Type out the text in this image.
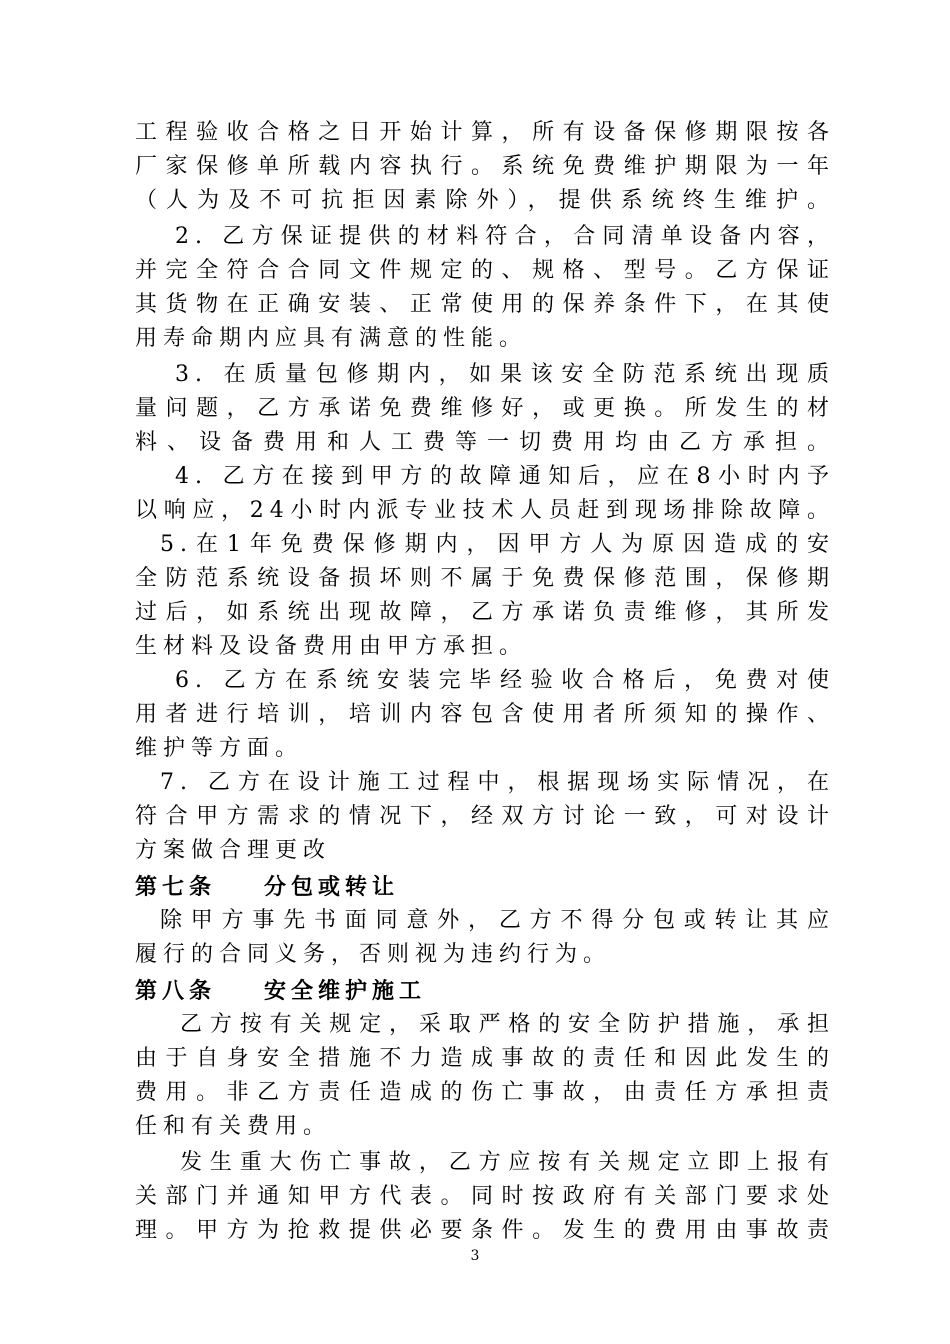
工程验收合格之日开始计算，所有设备保修期限按各
厂家保修单所载内容执行。系统免费维护期限为一年
（人为及不可抗拒因素除外），提供系统终生维护。
2. 乙方保证提供的材料符合，合同清单设备内容，
并完全符合合同文件规定的、规格、型号。乙方保证
其货物在正确安装、正常使用的保养条件下，在其使
用寿命期内应具有满意的性能。
3. 在质量包修期内，如果该安全防范系统出现质
量问题，乙方承诺免费维修好，或更换。所发生的材
料、设备费用和人工费等一切费用均由乙方承担。
4. 乙方在接到甲方的故障通知后，应在8小时内予
以响应，24小时内派专业技术人员赶到现场排除故障。
5.在1年免费保修期内，因甲方人为原因造成的安
全防范系统设备损坏则不属于免费保修范围，保修期
过后，如系统出现故障，乙方承诺负责维修，其所发
生材料及设备费用由甲方承担。
6. 乙方在系统安装完毕经验收合格后，免费对使
用者进行培训，培训内容包含使用者所须知的操作、
维护等方面。
7. 乙方在设计施工过程中，根据现场实际情况，在
符合甲方需求的情况下，经双方讨论一致，可对设计
方案做合理更改
第七条 分包或转让
除甲方事先书面同意外，乙方不得分包或转让其应
履行的合同义务，否则视为违约行为。
第八条 安全维护施工
乙方按有关规定，采取严格的安全防护措施，承担
由于自身安全措施不力造成事故的责任和因此发生的
费用。非乙方责任造成的伤亡事故，由责任方承担责
任和有关费用。
发生重大伤亡事故，乙方应按有关规定立即上报有
关部门并通知甲方代表。同时按政府有关部门要求处
理。甲方为抢救提供必要条件。发生的费用由事故责
3
